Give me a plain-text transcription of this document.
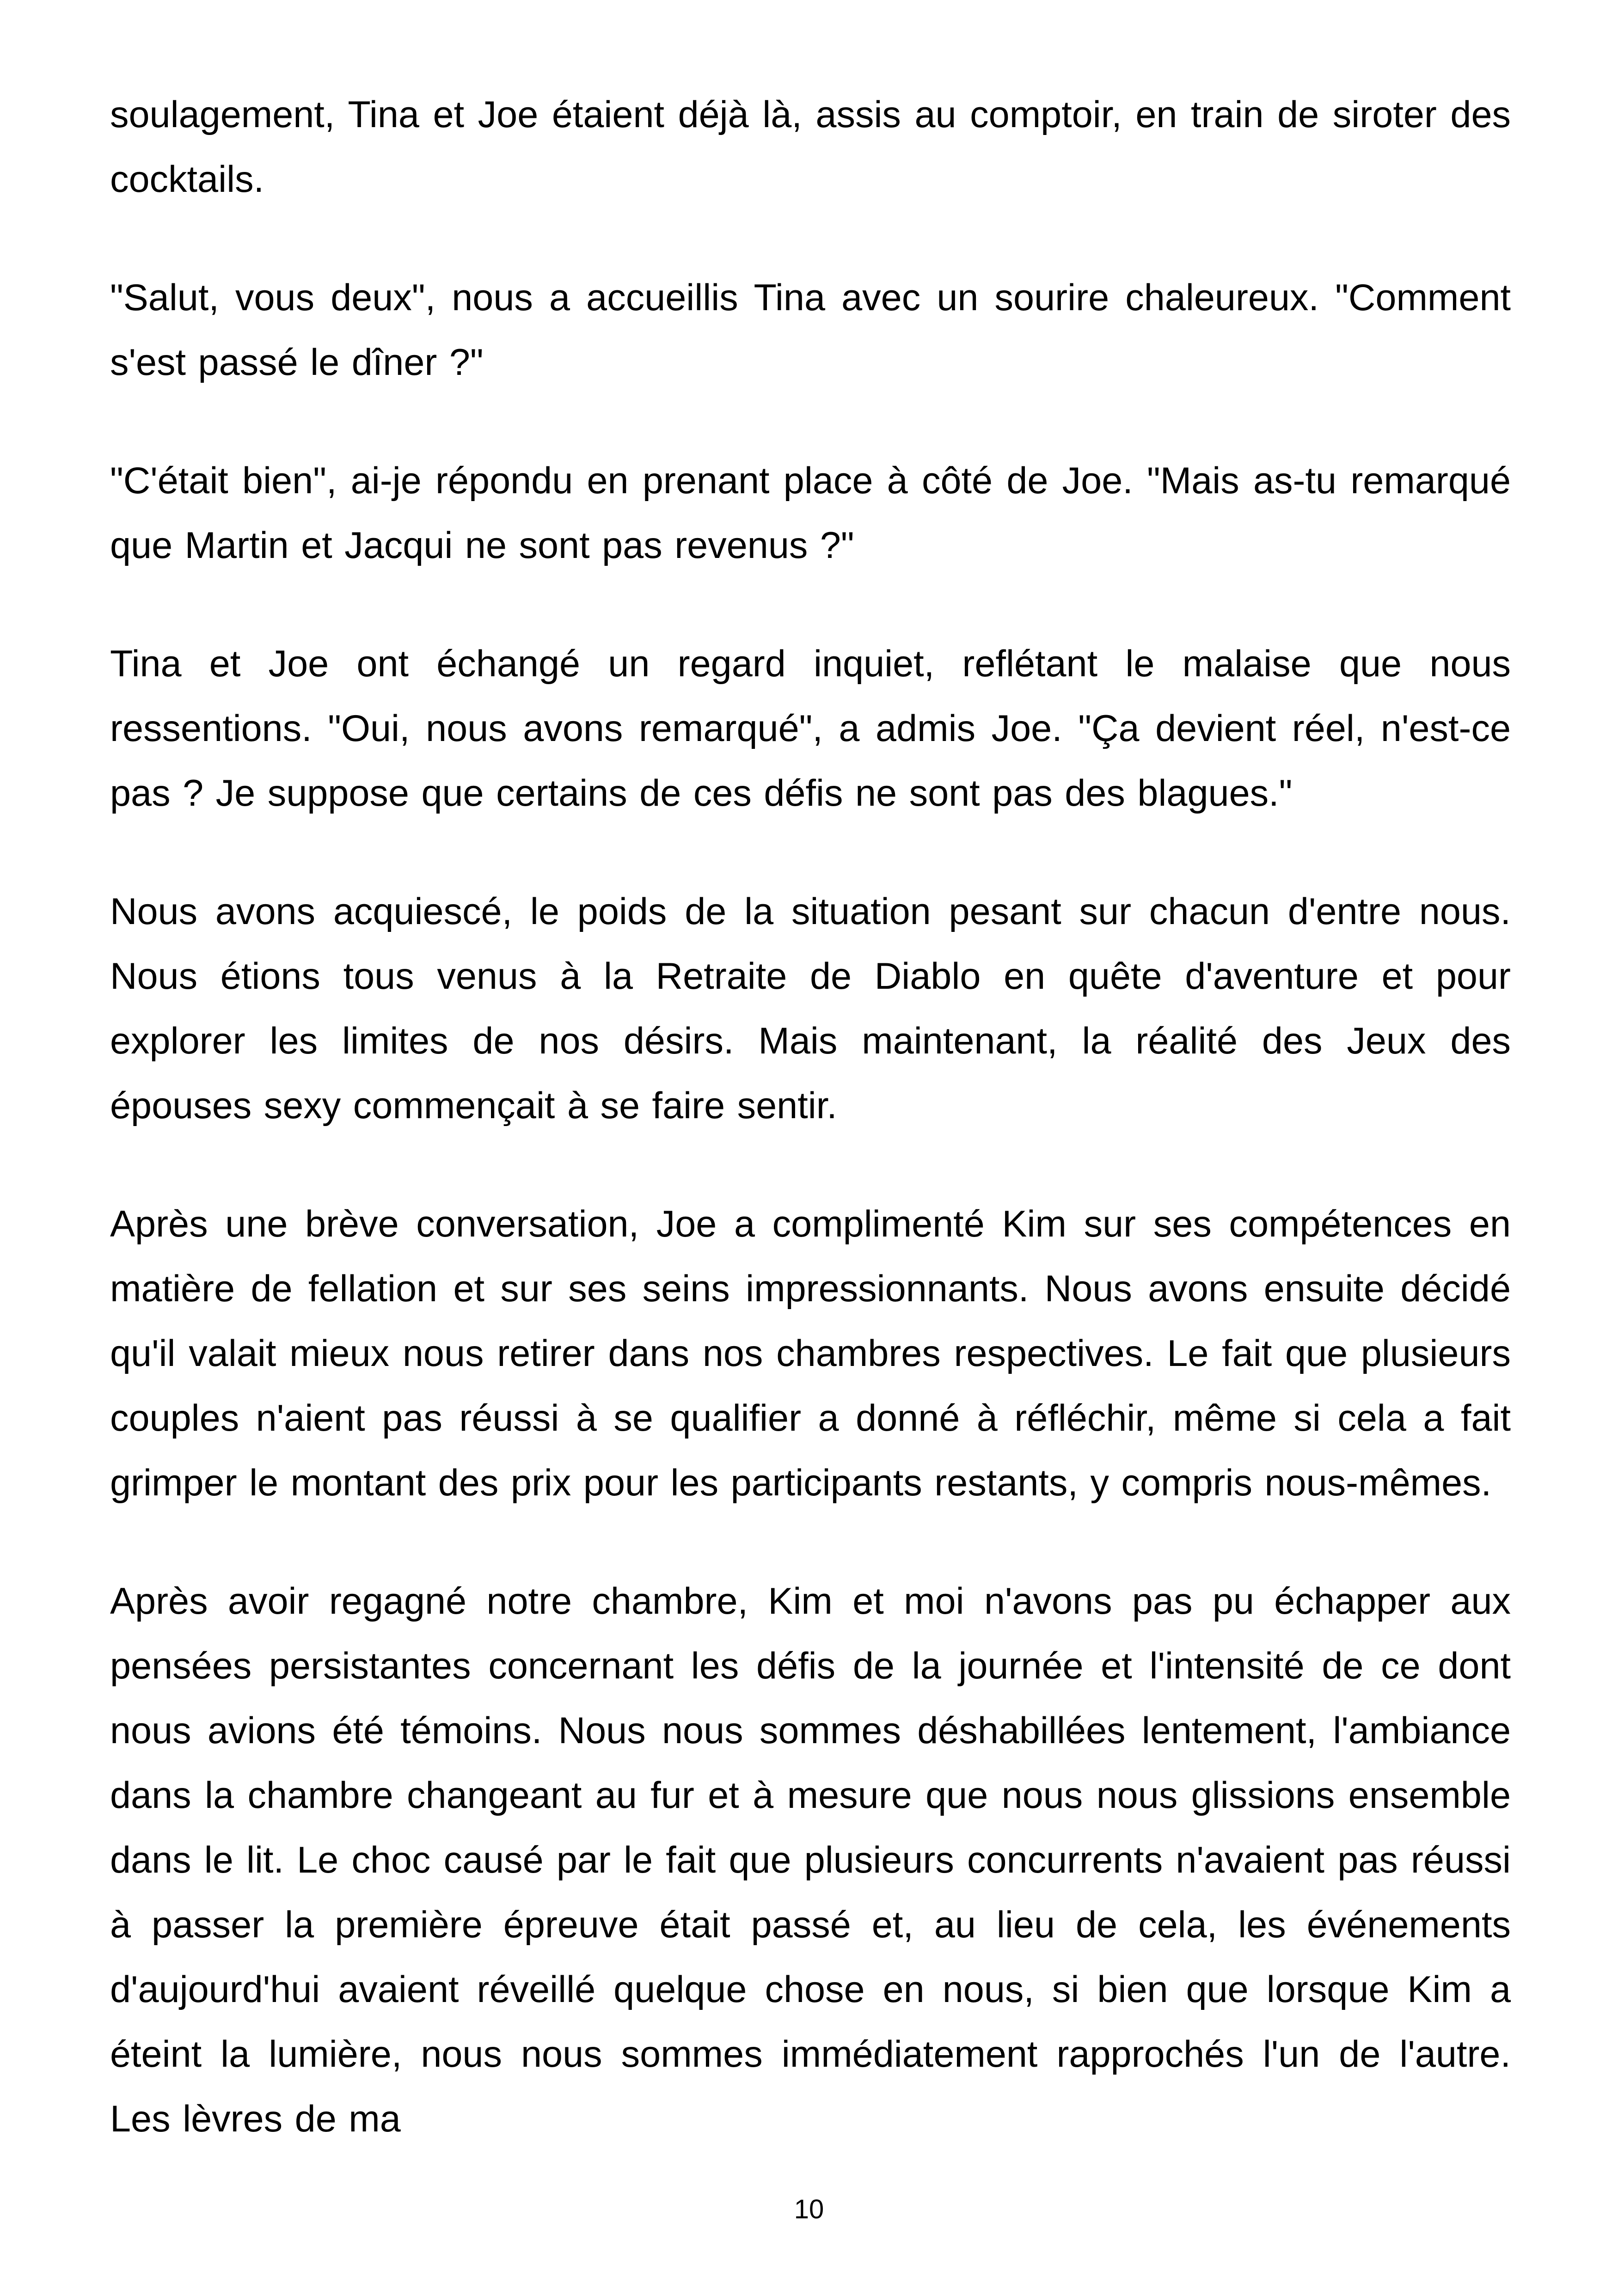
soulagement, Tina et Joe étaient déjà là, assis au comptoir, en train de siroter des cocktails.

"Salut, vous deux", nous a accueillis Tina avec un sourire chaleureux. "Comment s'est passé le dîner ?"

"C'était bien", ai-je répondu en prenant place à côté de Joe. "Mais as-tu remarqué que Martin et Jacqui ne sont pas revenus ?"

Tina et Joe ont échangé un regard inquiet, reflétant le malaise que nous ressentions. "Oui, nous avons remarqué", a admis Joe. "Ça devient réel, n'est-ce pas ? Je suppose que certains de ces défis ne sont pas des blagues."

Nous avons acquiescé, le poids de la situation pesant sur chacun d'entre nous. Nous étions tous venus à la Retraite de Diablo en quête d'aventure et pour explorer les limites de nos désirs. Mais maintenant, la réalité des Jeux des épouses sexy commençait à se faire sentir.

Après une brève conversation, Joe a complimenté Kim sur ses compétences en matière de fellation et sur ses seins impressionnants. Nous avons ensuite décidé qu'il valait mieux nous retirer dans nos chambres respectives. Le fait que plusieurs couples n'aient pas réussi à se qualifier a donné à réfléchir, même si cela a fait grimper le montant des prix pour les participants restants, y compris nous-mêmes.

Après avoir regagné notre chambre, Kim et moi n'avons pas pu échapper aux pensées persistantes concernant les défis de la journée et l'intensité de ce dont nous avions été témoins. Nous nous sommes déshabillées lentement, l'ambiance dans la chambre changeant au fur et à mesure que nous nous glissions ensemble dans le lit. Le choc causé par le fait que plusieurs concurrents n'avaient pas réussi à passer la première épreuve était passé et, au lieu de cela, les événements d'aujourd'hui avaient réveillé quelque chose en nous, si bien que lorsque Kim a éteint la lumière, nous nous sommes immédiatement rapprochés l'un de l'autre. Les lèvres de ma

10
